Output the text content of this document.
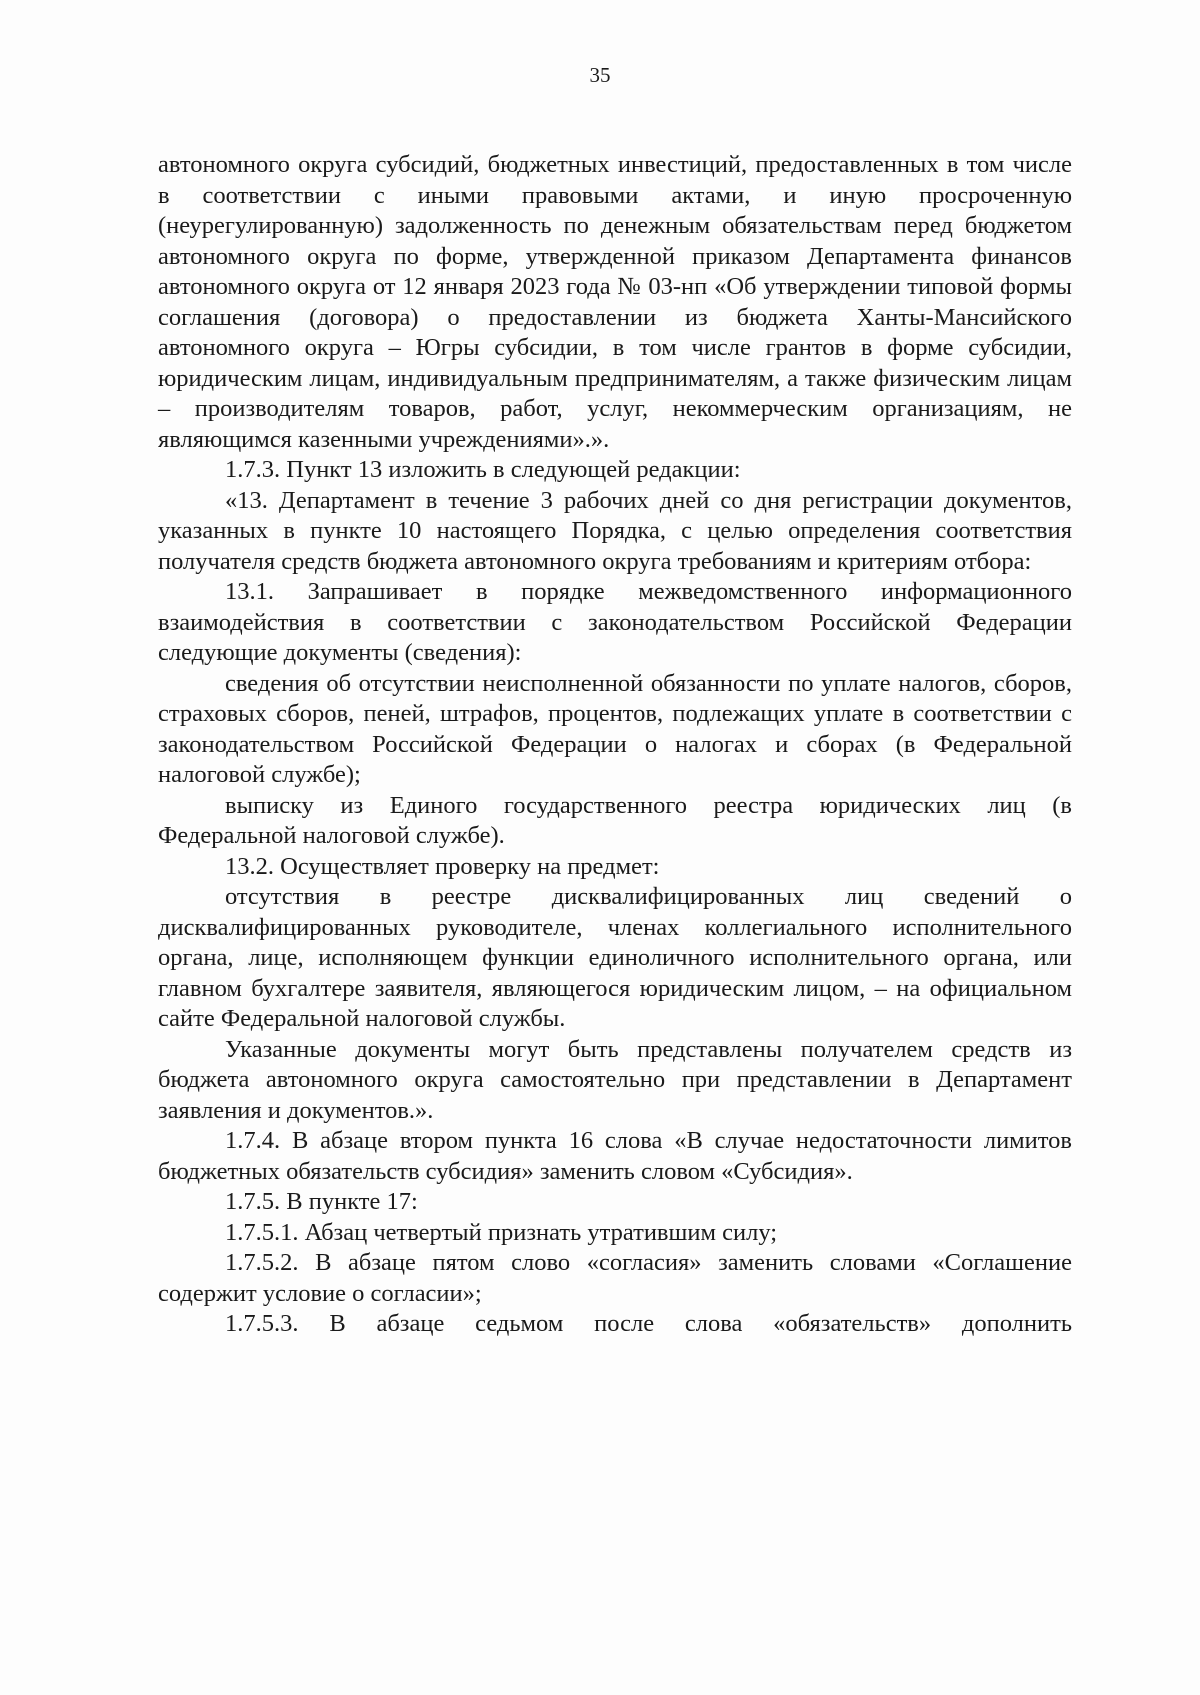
35

автономного округа субсидий, бюджетных инвестиций, предоставленных в том числе в соответствии с иными правовыми актами, и иную просроченную (неурегулированную) задолженность по денежным обязательствам перед бюджетом автономного округа по форме, утвержденной приказом Департамента финансов автономного округа от 12 января 2023 года № 03-нп «Об утверждении типовой формы соглашения (договора) о предоставлении из бюджета Ханты-Мансийского автономного округа – Югры субсидии, в том числе грантов в форме субсидии, юридическим лицам, индивидуальным предпринимателям, а также физическим лицам – производителям товаров, работ, услуг, некоммерческим организациям, не являющимся казенными учреждениями».».

1.7.3. Пункт 13 изложить в следующей редакции:

«13. Департамент в течение 3 рабочих дней со дня регистрации документов, указанных в пункте 10 настоящего Порядка, с целью определения соответствия получателя средств бюджета автономного округа требованиям и критериям отбора:

13.1. Запрашивает в порядке межведомственного информационного взаимодействия в соответствии с законодательством Российской Федерации следующие документы (сведения):

сведения об отсутствии неисполненной обязанности по уплате налогов, сборов, страховых сборов, пеней, штрафов, процентов, подлежащих уплате в соответствии с законодательством Российской Федерации о налогах и сборах (в Федеральной налоговой службе);

выписку из Единого государственного реестра юридических лиц (в Федеральной налоговой службе).

13.2. Осуществляет проверку на предмет:

отсутствия в реестре дисквалифицированных лиц сведений о дисквалифицированных руководителе, членах коллегиального исполнительного органа, лице, исполняющем функции единоличного исполнительного органа, или главном бухгалтере заявителя, являющегося юридическим лицом, – на официальном сайте Федеральной налоговой службы.

Указанные документы могут быть представлены получателем средств из бюджета автономного округа самостоятельно при представлении в Департамент заявления и документов.».

1.7.4. В абзаце втором пункта 16 слова «В случае недостаточности лимитов бюджетных обязательств субсидия» заменить словом «Субсидия».

1.7.5. В пункте 17:

1.7.5.1. Абзац четвертый признать утратившим силу;

1.7.5.2. В абзаце пятом слово «согласия» заменить словами «Соглашение содержит условие о согласии»;

1.7.5.3. В абзаце седьмом после слова «обязательств» дополнить
